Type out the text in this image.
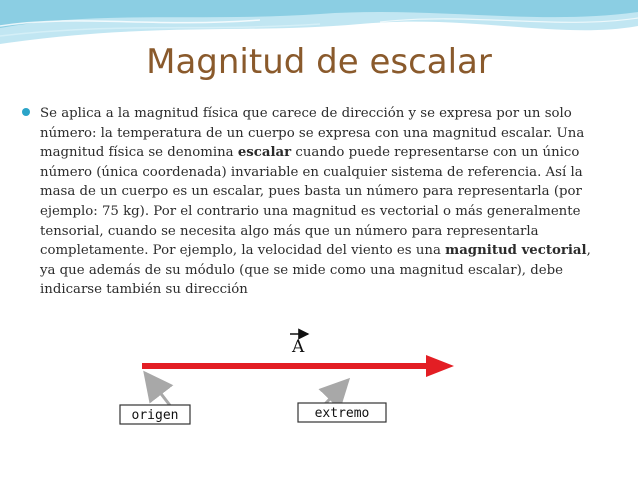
Magnitud de escalar

Se aplica a la magnitud física que carece de dirección y se expresa por un solo número: la temperatura de un cuerpo se expresa con una magnitud escalar. Una magnitud física se denomina escalar cuando puede representarse con un único número (única coordenada) invariable en cualquier sistema de referencia. Así la masa de un cuerpo es un escalar, pues basta un número para representarla (por ejemplo: 75 kg). Por el contrario una magnitud es vectorial o más generalmente tensorial, cuando se necesita algo más que un número para representarla completamente. Por ejemplo, la velocidad del viento es una magnitud vectorial, ya que además de su módulo (que se mide como una magnitud escalar), debe indicarse también su dirección

A
origen	extremo
